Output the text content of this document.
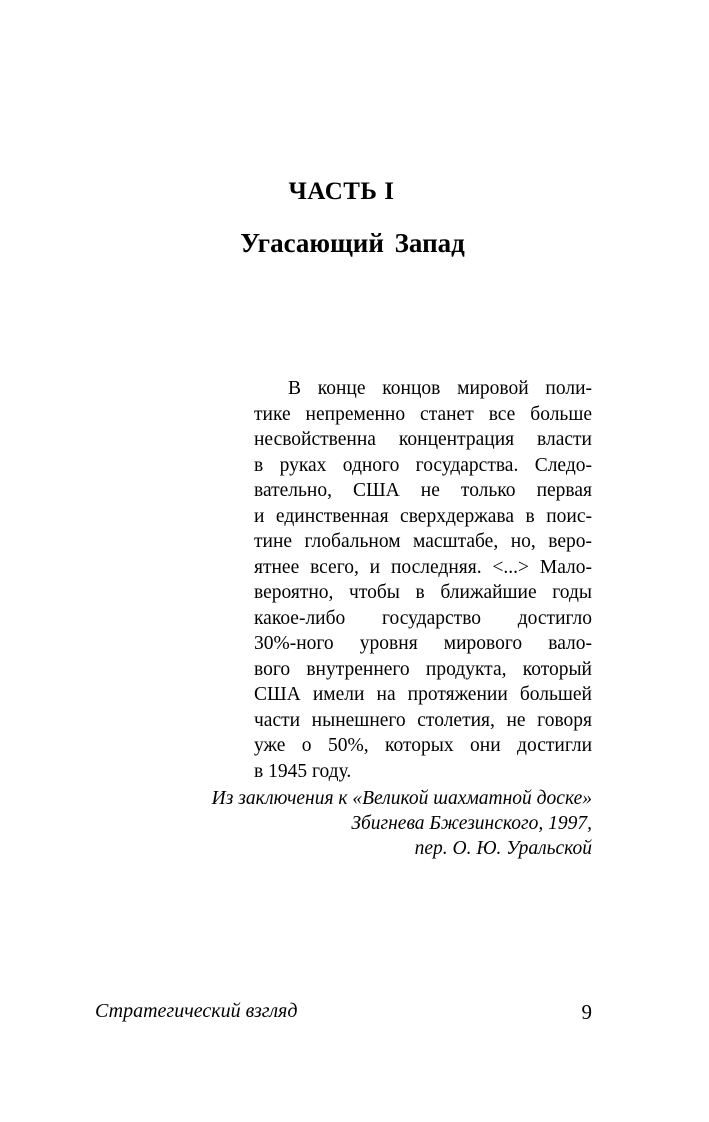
ЧАСТЬ I
Угасающий Запад
В конце концов мировой поли-
тике непременно станет все больше
несвойственна концентрация власти
в руках одного государства. Следо-
вательно, США не только первая
и единственная сверхдержава в поис-
тине глобальном масштабе, но, веро-
ятнее всего, и последняя. <...> Мало-
вероятно, чтобы в ближайшие годы
какое-либо государство достигло
30%-ного уровня мирового вало-
вого внутреннего продукта, который
США имели на протяжении большей
части нынешнего столетия, не говоря
уже о 50%, которых они достигли
в 1945 году.
Из заключения к «Великой шахматной доске»
Збигнева Бжезинского, 1997,
пер. О. Ю. Уральской
Стратегический взгляд	9
